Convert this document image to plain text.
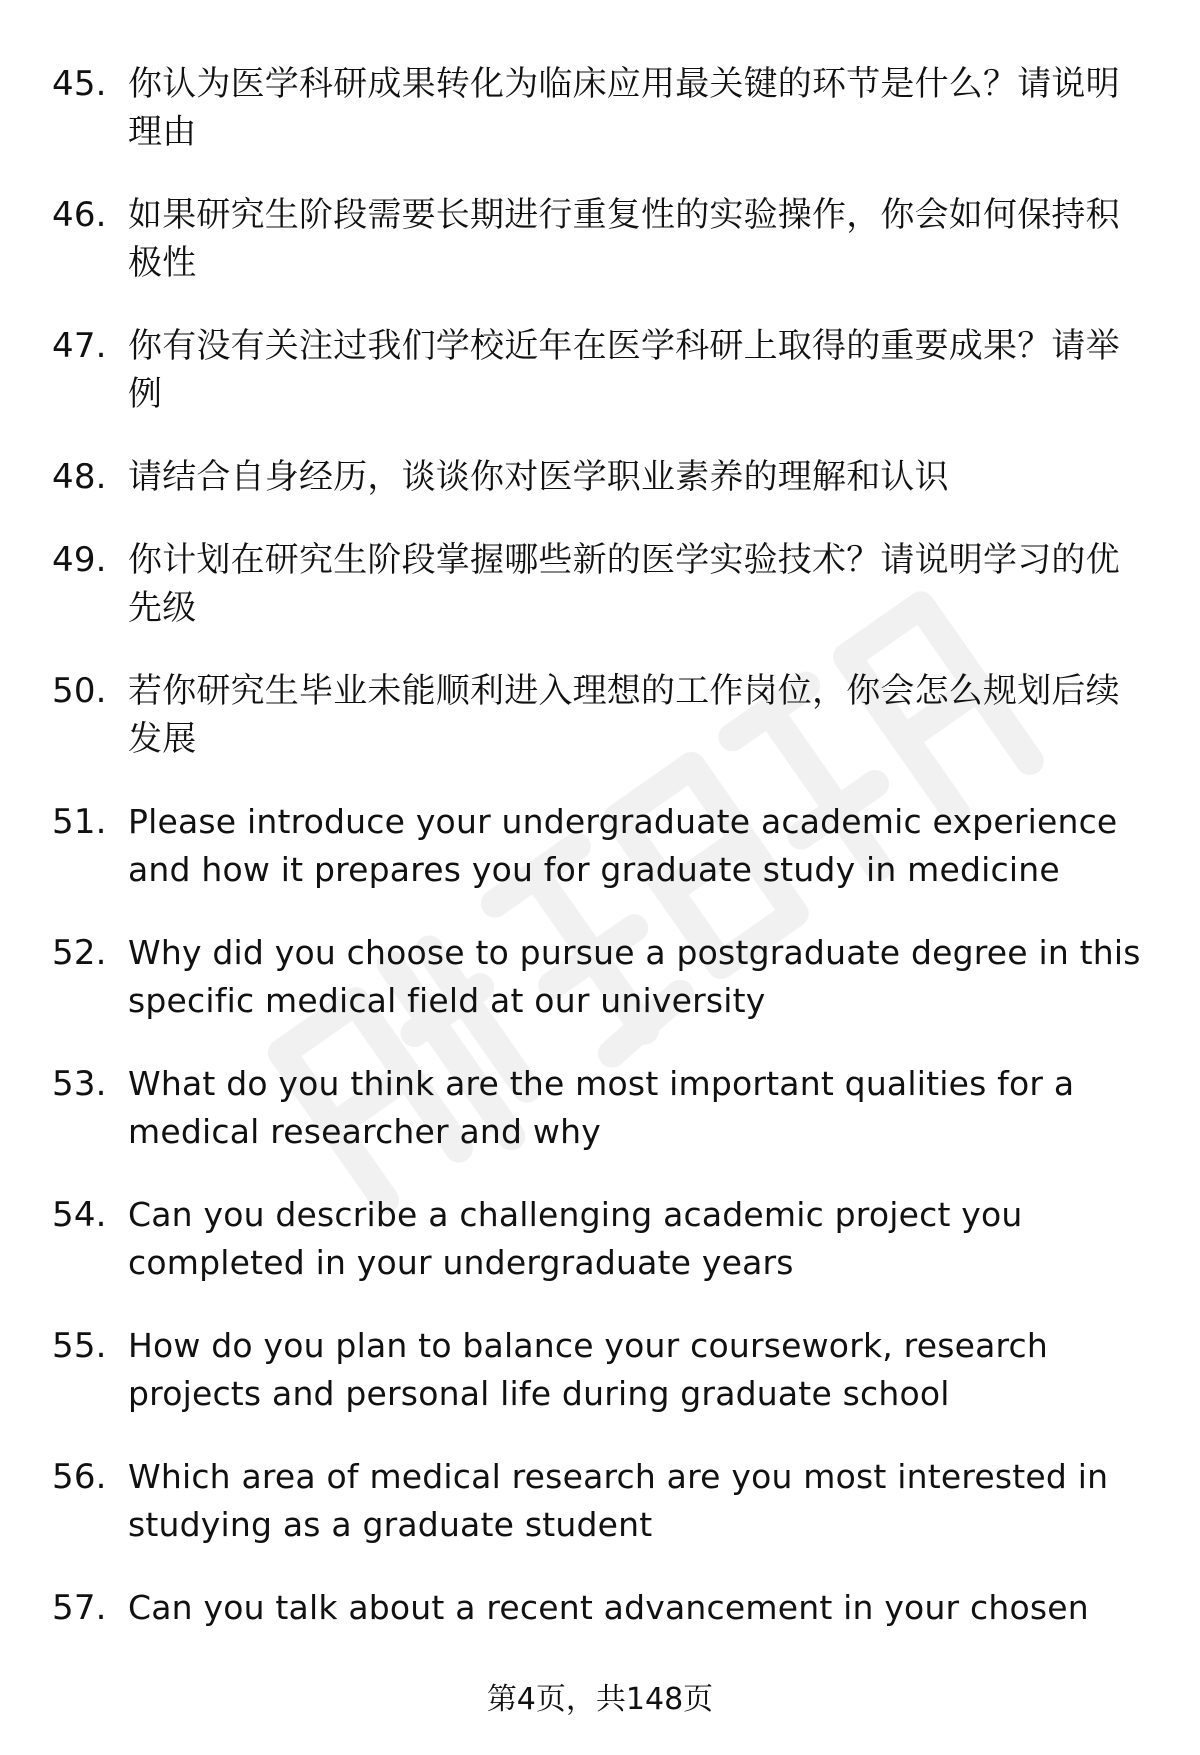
45. 你认为医学科研成果转化为临床应用最关键的环节是什么？请说明理由
46. 如果研究生阶段需要长期进行重复性的实验操作，你会如何保持积极性
47. 你有没有关注过我们学校近年在医学科研上取得的重要成果？请举例
48. 请结合自身经历，谈谈你对医学职业素养的理解和认识
49. 你计划在研究生阶段掌握哪些新的医学实验技术？请说明学习的优先级
50. 若你研究生毕业未能顺利进入理想的工作岗位，你会怎么规划后续发展
51. Please introduce your undergraduate academic experience and how it prepares you for graduate study in medicine
52. Why did you choose to pursue a postgraduate degree in this specific medical field at our university
53. What do you think are the most important qualities for a medical researcher and why
54. Can you describe a challenging academic project you completed in your undergraduate years
55. How do you plan to balance your coursework, research projects and personal life during graduate school
56. Which area of medical research are you most interested in studying as a graduate student
57. Can you talk about a recent advancement in your chosen
第4页，共148页
